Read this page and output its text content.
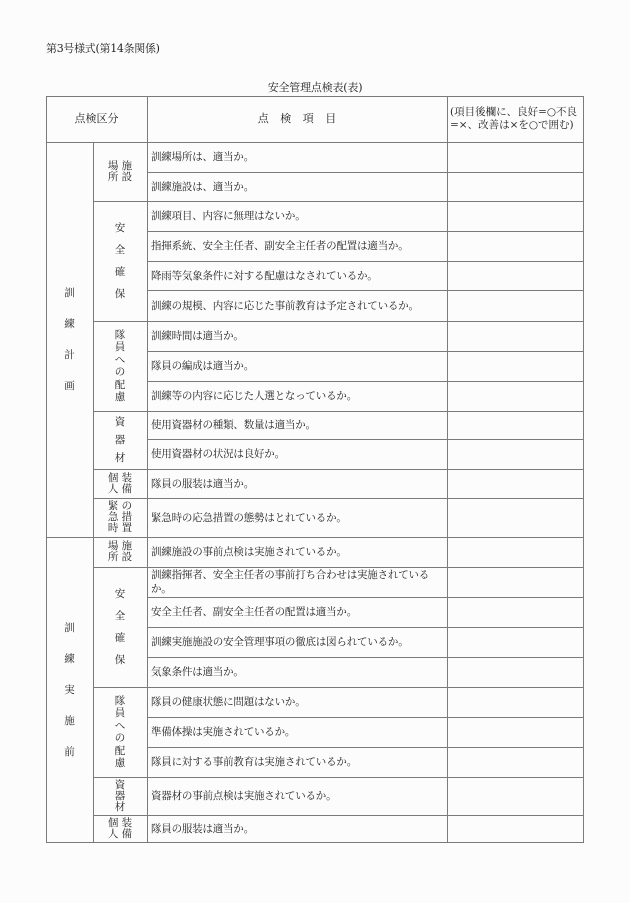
第3号様式(第14条関係)
安全管理点検表(表)
点検区分	点 検 項 目	(項目後欄に、良好=○不良=×、改善は×を○で囲む)
訓
練
計
画
場 施
所 設
安
全
確
保
隊
員
へ
の
配
慮
資
器
材
個 装
人 備
緊 の
急 措
時 置
訓練場所は、適当か。
訓練施設は、適当か。
訓練項目、内容に無理はないか。
指揮系統、安全主任者、副安全主任者の配置は適当か。
降雨等気象条件に対する配慮はなされているか。
訓練の規模、内容に応じた事前教育は予定されているか。
訓練時間は適当か。
隊員の編成は適当か。
訓練等の内容に応じた人選となっているか。
使用資器材の種類、数量は適当か。
使用資器材の状況は良好か。
隊員の服装は適当か。
緊急時の応急措置の態勢はとれているか。
訓
練
実
施
前
場 施
所 設
安
全
確
保
隊
員
へ
の
配
慮
資
器
材
個 装
人 備
訓練施設の事前点検は実施されているか。
訓練指揮者、安全主任者の事前打ち合わせは実施されているか。
安全主任者、副安全主任者の配置は適当か。
訓練実施施設の安全管理事項の徹底は図られているか。
気象条件は適当か。
隊員の健康状態に問題はないか。
準備体操は実施されているか。
隊員に対する事前教育は実施されているか。
資器材の事前点検は実施されているか。
隊員の服装は適当か。
